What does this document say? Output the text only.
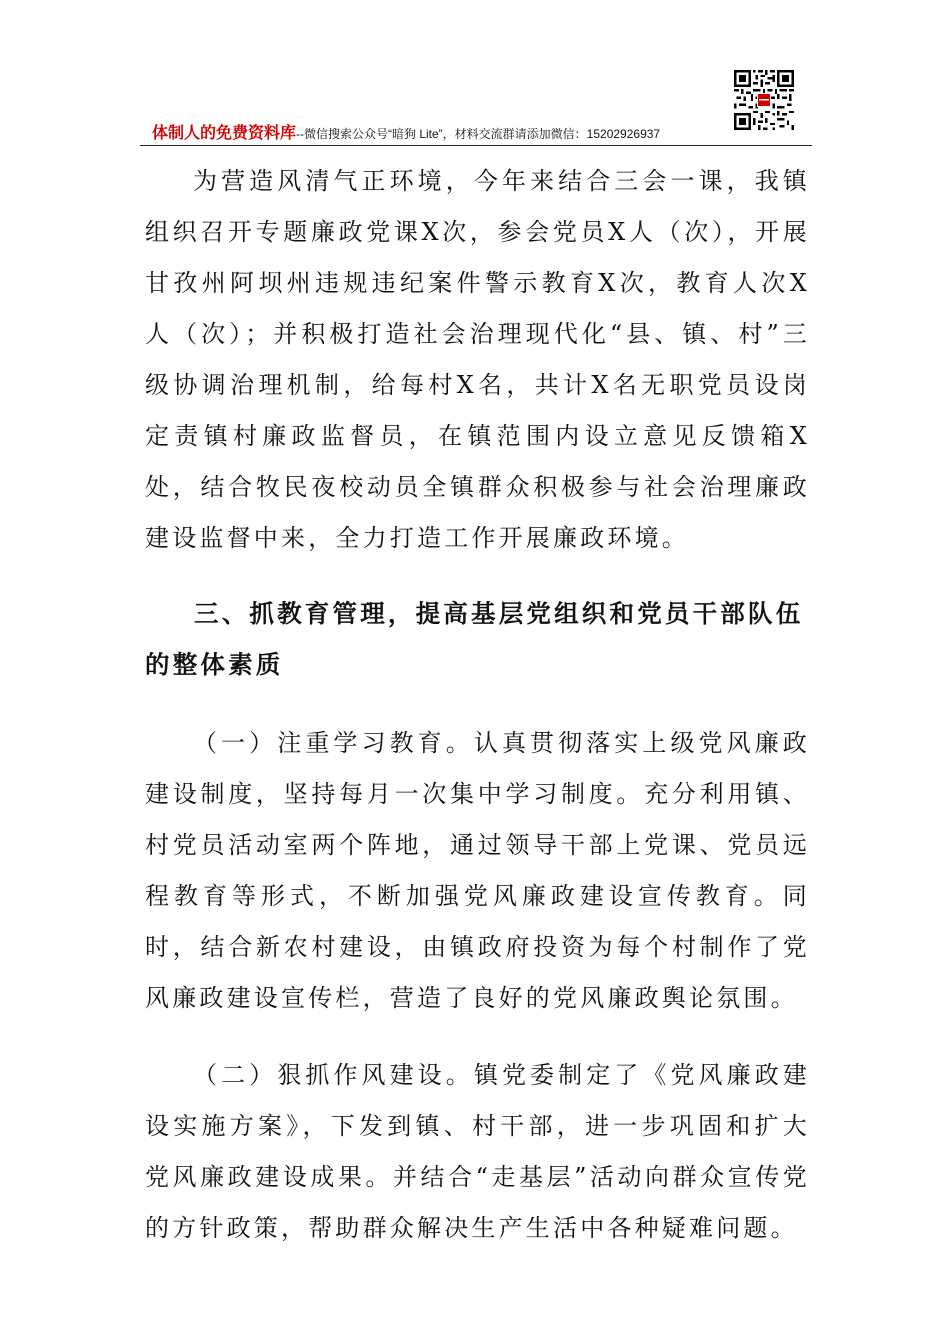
体制人的免费资料库--微信搜索公众号“暗狗 Lite”，材料交流群请添加微信：15202926937

为营造风清气正环境，今年来结合三会一课，我镇组织召开专题廉政党课X次，参会党员X人（次），开展甘孜州阿坝州违规违纪案件警示教育X次，教育人次X人（次）；并积极打造社会治理现代化“县、镇、村”三级协调治理机制，给每村X名，共计X名无职党员设岗定责镇村廉政监督员，在镇范围内设立意见反馈箱X处，结合牧民夜校动员全镇群众积极参与社会治理廉政建设监督中来，全力打造工作开展廉政环境。

三、抓教育管理，提高基层党组织和党员干部队伍的整体素质

（一）注重学习教育。认真贯彻落实上级党风廉政建设制度，坚持每月一次集中学习制度。充分利用镇、村党员活动室两个阵地，通过领导干部上党课、党员远程教育等形式，不断加强党风廉政建设宣传教育。同时，结合新农村建设，由镇政府投资为每个村制作了党风廉政建设宣传栏，营造了良好的党风廉政舆论氛围。

（二）狠抓作风建设。镇党委制定了《党风廉政建设实施方案》，下发到镇、村干部，进一步巩固和扩大党风廉政建设成果。并结合“走基层”活动向群众宣传党的方针政策，帮助群众解决生产生活中各种疑难问题。
